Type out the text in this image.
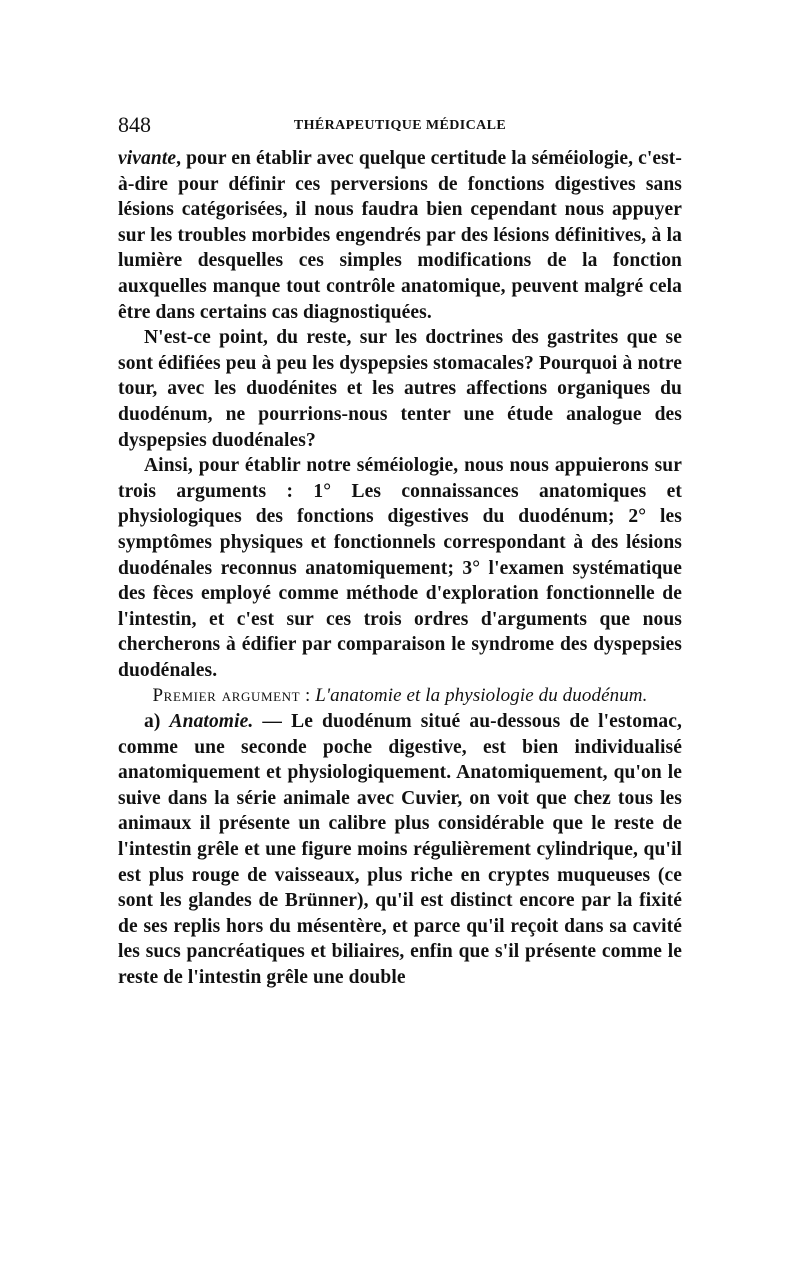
848	THÉRAPEUTIQUE MÉDICALE

vivante, pour en établir avec quelque certitude la séméiologie, c'est-à-dire pour définir ces perversions de fonctions digestives sans lésions catégorisées, il nous faudra bien cependant nous appuyer sur les troubles morbides engendrés par des lésions définitives, à la lumière desquelles ces simples modifications de la fonction auxquelles manque tout contrôle anatomique, peuvent malgré cela être dans certains cas diagnostiquées.

N'est-ce point, du reste, sur les doctrines des gastrites que se sont édifiées peu à peu les dyspepsies stomacales? Pourquoi à notre tour, avec les duodénites et les autres affections organiques du duodénum, ne pourrions-nous tenter une étude analogue des dyspepsies duodénales?

Ainsi, pour établir notre séméiologie, nous nous appuierons sur trois arguments : 1° Les connaissances anatomiques et physiologiques des fonctions digestives du duodénum; 2° les symptômes physiques et fonctionnels correspondant à des lésions duodénales reconnus anatomiquement; 3° l'examen systématique des fèces employé comme méthode d'exploration fonctionnelle de l'intestin, et c'est sur ces trois ordres d'arguments que nous chercherons à édifier par comparaison le syndrome des dyspepsies duodénales.

Premier argument : L'anatomie et la physiologie du duodénum.

a) Anatomie. — Le duodénum situé au-dessous de l'estomac, comme une seconde poche digestive, est bien individualisé anatomiquement et physiologiquement. Anatomiquement, qu'on le suive dans la série animale avec Cuvier, on voit que chez tous les animaux il présente un calibre plus considérable que le reste de l'intestin grêle et une figure moins régulièrement cylindrique, qu'il est plus rouge de vaisseaux, plus riche en cryptes muqueuses (ce sont les glandes de Brünner), qu'il est distinct encore par la fixité de ses replis hors du mésentère, et parce qu'il reçoit dans sa cavité les sucs pancréatiques et biliaires, enfin que s'il présente comme le reste de l'intestin grêle une double
